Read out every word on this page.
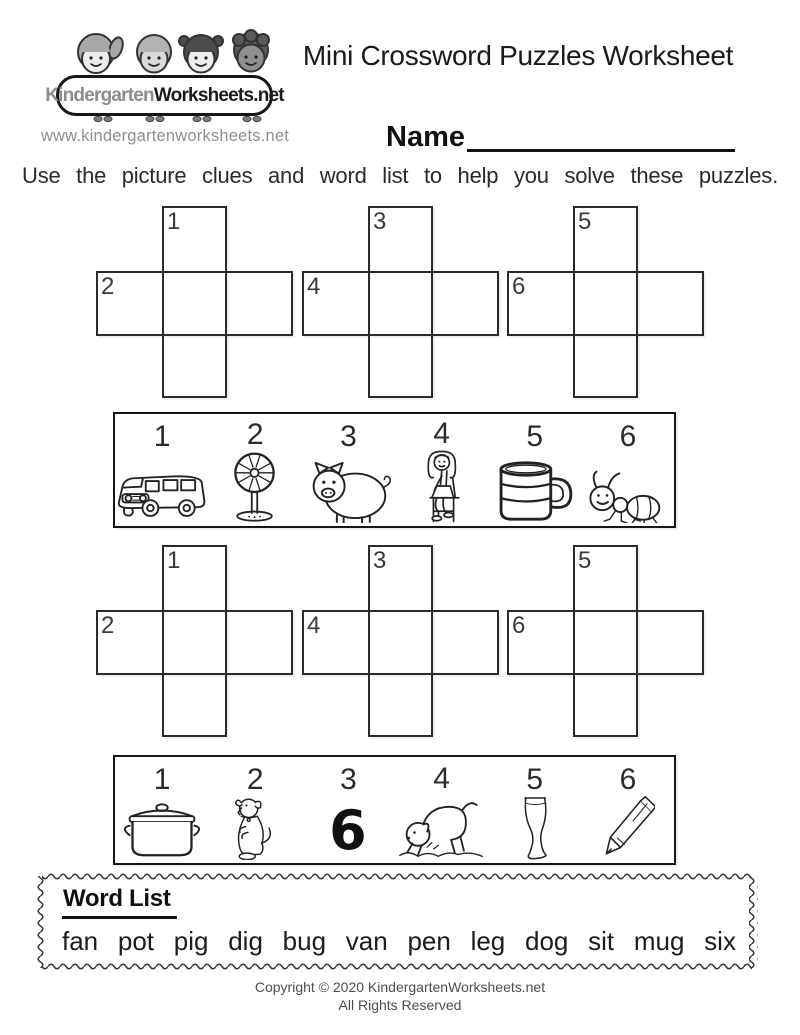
Kindergarten Worksheets.net
www.kindergartenworksheets.net
Mini Crossword Puzzles Worksheet
Name
Use the picture clues and word list to help you solve these puzzles.
1
2
3
4
5
6
1	2	3	4	5	6
1
2
3
4
5
6
1	2	3
6
4	5	6
Word List
fan pot pig dig bug van pen leg dog sit mug six
Copyright © 2020 KindergartenWorksheets.net
All Rights Reserved
